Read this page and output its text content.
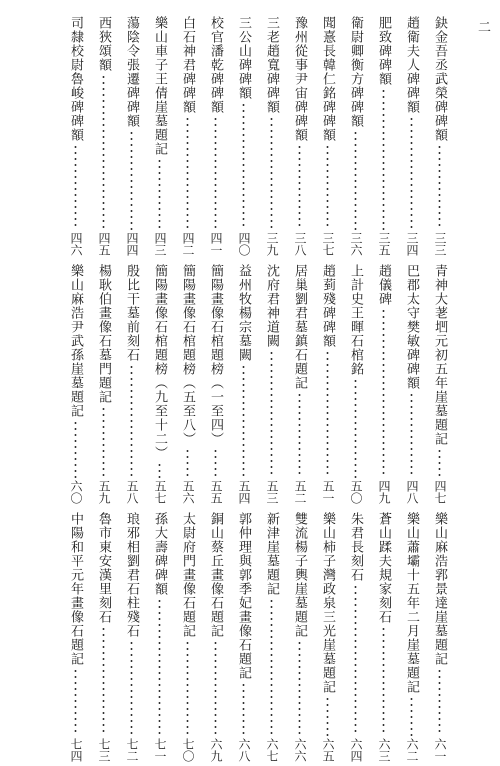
二
鈌金吾丞武榮碑碑額
三三
趙衛夫人碑碑額
三四
肥致碑碑額
三五
衛尉卿衡方碑碑額
三六
聞憙長韓仁銘碑碑額
三七
豫州從事尹宙碑碑額
三八
三老趙寬碑碑額
三九
三公山碑碑額
四〇
校官潘乾碑碑額
四一
白石神君碑碑額
四二
樂山車子王倩崖墓題記
四三
蕩陰令張遷碑碑額
四四
西狹頌額
四五
司隸校尉魯峻碑碑額
四六
青神大荖垇元初五年崖墓題記
四七
巴郡太守樊敏碑碑額
四八
趙儀碑
四九
上計史王暉石棺銘
五〇
趙菿殘碑碑額
五一
居巢劉君墓鎮石題記
五二
沈府君神道闕
五三
益州牧楊宗墓闕
五四
簡陽畫像石棺題榜（一至四）
五五
簡陽畫像石棺題榜（五至八）
五六
簡陽畫像石棺題榜（九至十二）
五七
殷比干墓前刻石
五八
楊耿伯畫像石墓門題記
五九
樂山麻浩尹武孫崖墓題記
六〇
樂山麻浩郛景達崖墓題記
六一
樂山蕭壩十五年二月崖墓題記
六二
蒼山蹂夫規家刻石
六三
朱君長刻石
六四
樂山柿子灣政泉三光崖墓題記
六五
雙流楊子輿崖墓題記
六六
新津崖墓題記
六七
郭仲理與郭季妃畫像石題記
六八
銅山蔡丘畫像石題記
六九
太尉府門畫像石題記
七〇
孫大壽碑碑額
七一
琅邪相劉君石柱殘石
七二
魯市東安漢里刻石
七三
中陽和平元年畫像石題記
七四
